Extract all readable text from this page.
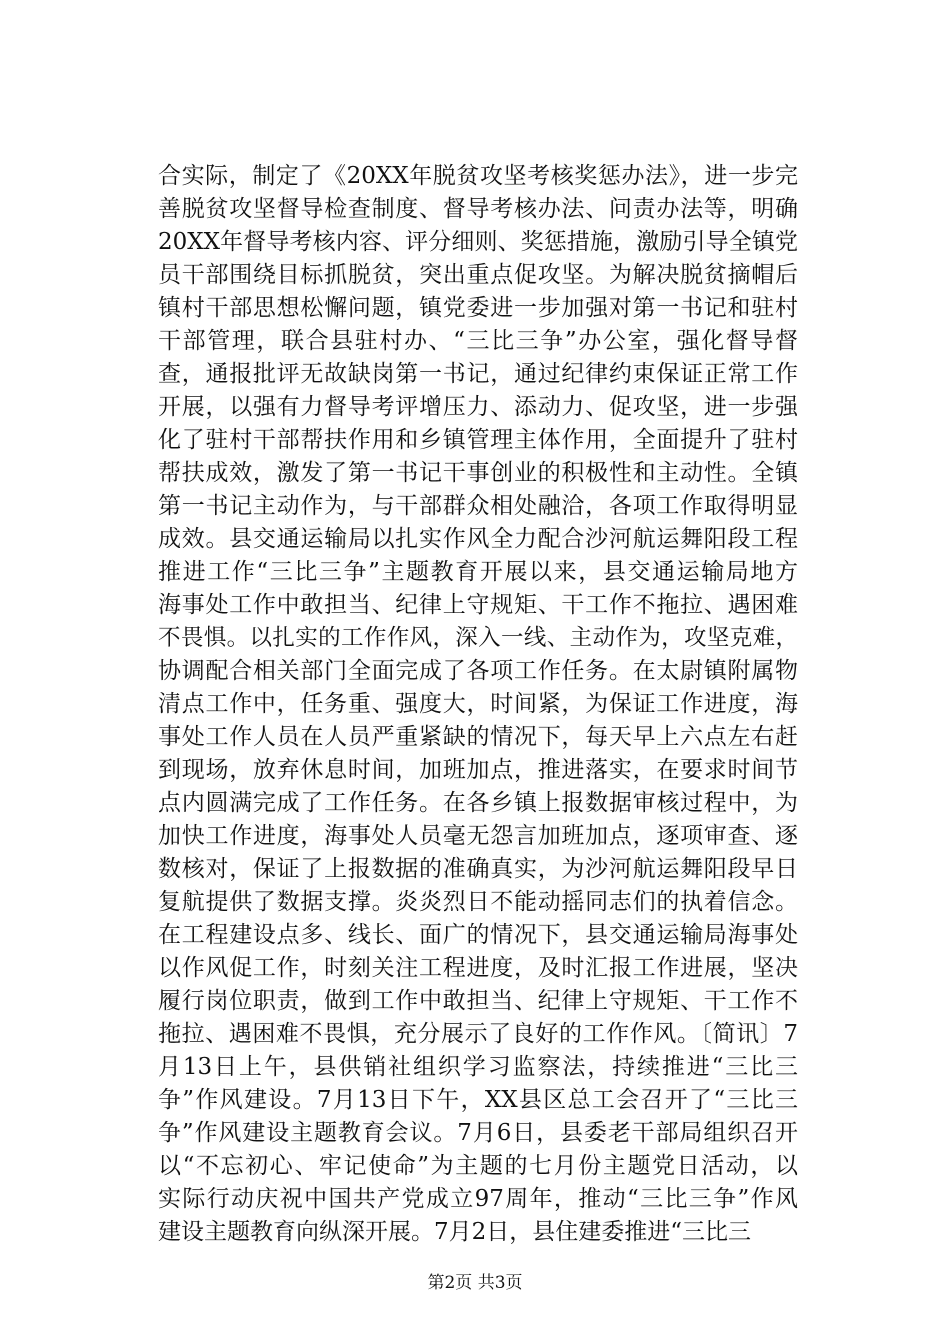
合实际，制定了《20XX年脱贫攻坚考核奖惩办法》，进一步完
善脱贫攻坚督导检查制度、督导考核办法、问责办法等，明确
20XX年督导考核内容、评分细则、奖惩措施，激励引导全镇党
员干部围绕目标抓脱贫，突出重点促攻坚。为解决脱贫摘帽后
镇村干部思想松懈问题，镇党委进一步加强对第一书记和驻村
干部管理，联合县驻村办、“三比三争”办公室，强化督导督
查，通报批评无故缺岗第一书记，通过纪律约束保证正常工作
开展，以强有力督导考评增压力、添动力、促攻坚，进一步强
化了驻村干部帮扶作用和乡镇管理主体作用，全面提升了驻村
帮扶成效，激发了第一书记干事创业的积极性和主动性。全镇
第一书记主动作为，与干部群众相处融洽，各项工作取得明显
成效。县交通运输局以扎实作风全力配合沙河航运舞阳段工程
推进工作“三比三争”主题教育开展以来，县交通运输局地方
海事处工作中敢担当、纪律上守规矩、干工作不拖拉、遇困难
不畏惧。以扎实的工作作风，深入一线、主动作为，攻坚克难，
协调配合相关部门全面完成了各项工作任务。在太尉镇附属物
清点工作中，任务重、强度大，时间紧，为保证工作进度，海
事处工作人员在人员严重紧缺的情况下，每天早上六点左右赶
到现场，放弃休息时间，加班加点，推进落实，在要求时间节
点内圆满完成了工作任务。在各乡镇上报数据审核过程中，为
加快工作进度，海事处人员毫无怨言加班加点，逐项审查、逐
数核对，保证了上报数据的准确真实，为沙河航运舞阳段早日
复航提供了数据支撑。炎炎烈日不能动摇同志们的执着信念。
在工程建设点多、线长、面广的情况下，县交通运输局海事处
以作风促工作，时刻关注工程进度，及时汇报工作进展，坚决
履行岗位职责，做到工作中敢担当、纪律上守规矩、干工作不
拖拉、遇困难不畏惧，充分展示了良好的工作作风。〔简讯〕7
月13日上午，县供销社组织学习监察法，持续推进“三比三
争”作风建设。7月13日下午，XX县区总工会召开了“三比三
争”作风建设主题教育会议。7月6日，县委老干部局组织召开
以“不忘初心、牢记使命”为主题的七月份主题党日活动，以
实际行动庆祝中国共产党成立97周年，推动“三比三争”作风
建设主题教育向纵深开展。7月2日，县住建委推进“三比三
第2页 共3页
